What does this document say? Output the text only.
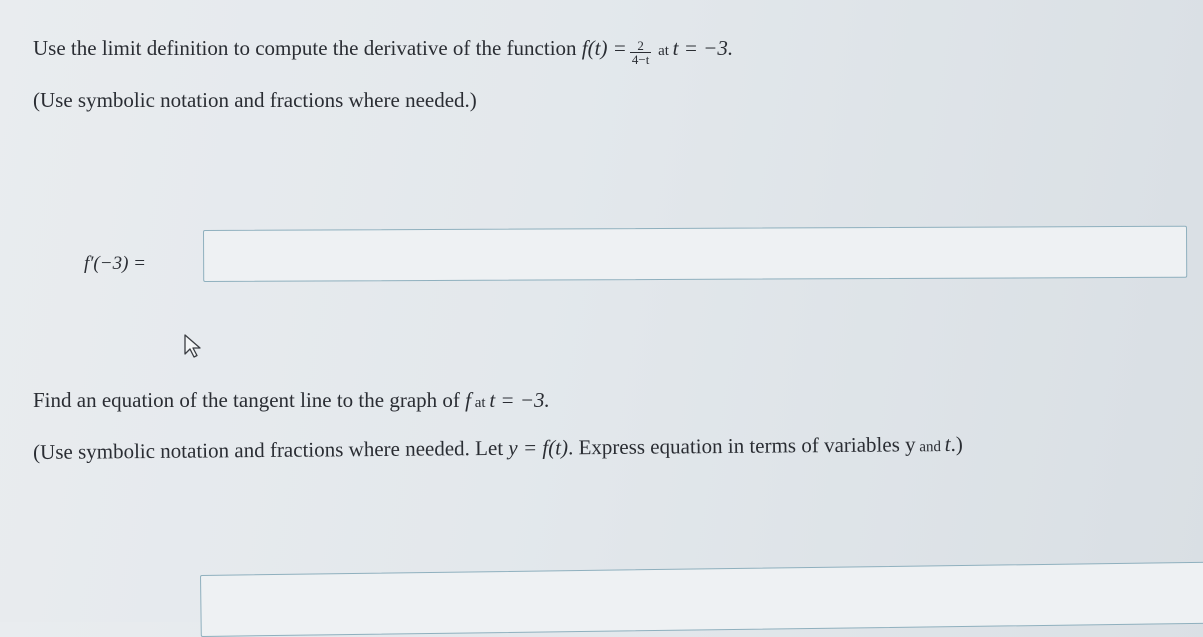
Use the limit definition to compute the derivative of the function $f(t) = \frac{2}{4-t}$ at t = −3.
(Use symbolic notation and fractions where needed.)
f′(−3) =
Find an equation of the tangent line to the graph of f at t = −3.
(Use symbolic notation and fractions where needed. Let y = f(t). Express equation in terms of variables y and t.)
